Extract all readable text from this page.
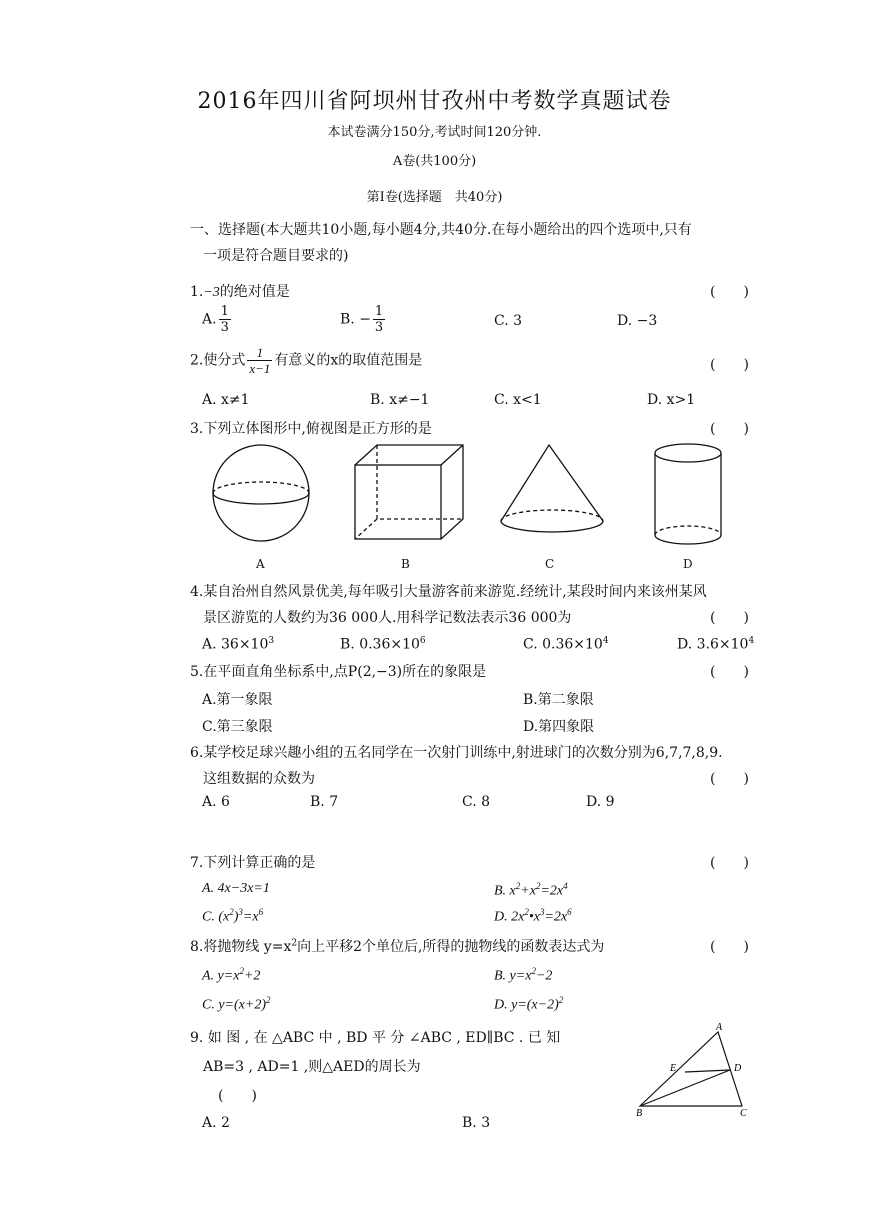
2016年四川省阿坝州甘孜州中考数学真题试卷
本试卷满分150分,考试时间120分钟.
A卷(共100分)
第Ⅰ卷(选择题　共40分)
一、选择题(本大题共10小题,每小题4分,共40分.在每小题给出的四个选项中,只有
一项是符合题目要求的)
1.−3的绝对值是	(　　)
A. $\frac{1}{3}$	B. − $\frac{1}{3}$	C. 3	D. −3
2.使分式 $\frac{1}{x-1}$ 有意义的x的取值范围是	(　　)
A. x≠1	B. x≠−1	C. x<1	D. x>1
3.下列立体图形中,俯视图是正方形的是	(　　)
A	B	C	D
4.某自治州自然风景优美,每年吸引大量游客前来游览.经统计,某段时间内来该州某风
景区游览的人数约为36 000人.用科学记数法表示36 000为	(　　)
A. $36\times 10^3$	B. $0.36\times 10^6$	C. $0.36\times 10^4$	D. $3.6\times 10^4$
5.在平面直角坐标系中,点P(2,−3)所在的象限是	(　　)
A.第一象限	B.第二象限
C.第三象限	D.第四象限
6.某学校足球兴趣小组的五名同学在一次射门训练中,射进球门的次数分别为6,7,7,8,9.
这组数据的众数为	(　　)
A. 6	B. 7	C. 8	D. 9
7.下列计算正确的是	(　　)
A. 4x−3x=1	B. $x^2+x^2=2x^4$
C. $(x^2)^3=x^6$	D. $2x^2•x^3=2x^6$
8.将抛物线 $y=x^2$向上平移2个单位后,所得的抛物线的函数表达式为	(　　)
A. $y=x^2+2$	B. $y=x^2-2$
C. $y=(x+2)^2$	D. $y=(x-2)^2$
9. 如 图 , 在 △ABC 中 , BD 平 分 ∠ABC , ED∥BC . 已 知
AB=3 , AD=1 ,则△AED的周长为
(　　)
A. 2	B. 3
A
E	D
B	C
